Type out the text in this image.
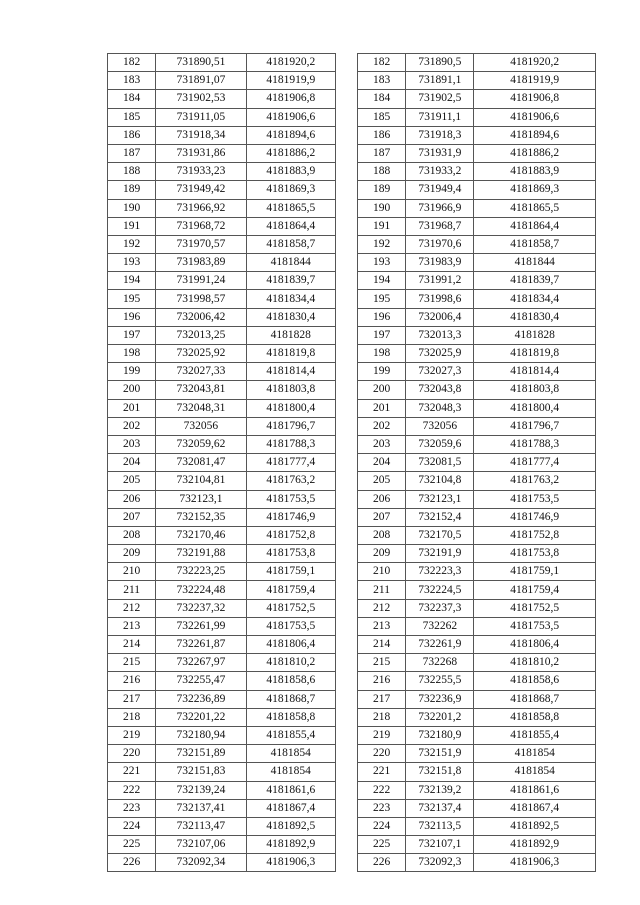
182	731890,51	4181920,2
183	731891,07	4181919,9
184	731902,53	4181906,8
185	731911,05	4181906,6
186	731918,34	4181894,6
187	731931,86	4181886,2
188	731933,23	4181883,9
189	731949,42	4181869,3
190	731966,92	4181865,5
191	731968,72	4181864,4
192	731970,57	4181858,7
193	731983,89	4181844
194	731991,24	4181839,7
195	731998,57	4181834,4
196	732006,42	4181830,4
197	732013,25	4181828
198	732025,92	4181819,8
199	732027,33	4181814,4
200	732043,81	4181803,8
201	732048,31	4181800,4
202	732056	4181796,7
203	732059,62	4181788,3
204	732081,47	4181777,4
205	732104,81	4181763,2
206	732123,1	4181753,5
207	732152,35	4181746,9
208	732170,46	4181752,8
209	732191,88	4181753,8
210	732223,25	4181759,1
211	732224,48	4181759,4
212	732237,32	4181752,5
213	732261,99	4181753,5
214	732261,87	4181806,4
215	732267,97	4181810,2
216	732255,47	4181858,6
217	732236,89	4181868,7
218	732201,22	4181858,8
219	732180,94	4181855,4
220	732151,89	4181854
221	732151,83	4181854
222	732139,24	4181861,6
223	732137,41	4181867,4
224	732113,47	4181892,5
225	732107,06	4181892,9
226	732092,34	4181906,3
182	731890,5	4181920,2
183	731891,1	4181919,9
184	731902,5	4181906,8
185	731911,1	4181906,6
186	731918,3	4181894,6
187	731931,9	4181886,2
188	731933,2	4181883,9
189	731949,4	4181869,3
190	731966,9	4181865,5
191	731968,7	4181864,4
192	731970,6	4181858,7
193	731983,9	4181844
194	731991,2	4181839,7
195	731998,6	4181834,4
196	732006,4	4181830,4
197	732013,3	4181828
198	732025,9	4181819,8
199	732027,3	4181814,4
200	732043,8	4181803,8
201	732048,3	4181800,4
202	732056	4181796,7
203	732059,6	4181788,3
204	732081,5	4181777,4
205	732104,8	4181763,2
206	732123,1	4181753,5
207	732152,4	4181746,9
208	732170,5	4181752,8
209	732191,9	4181753,8
210	732223,3	4181759,1
211	732224,5	4181759,4
212	732237,3	4181752,5
213	732262	4181753,5
214	732261,9	4181806,4
215	732268	4181810,2
216	732255,5	4181858,6
217	732236,9	4181868,7
218	732201,2	4181858,8
219	732180,9	4181855,4
220	732151,9	4181854
221	732151,8	4181854
222	732139,2	4181861,6
223	732137,4	4181867,4
224	732113,5	4181892,5
225	732107,1	4181892,9
226	732092,3	4181906,3
